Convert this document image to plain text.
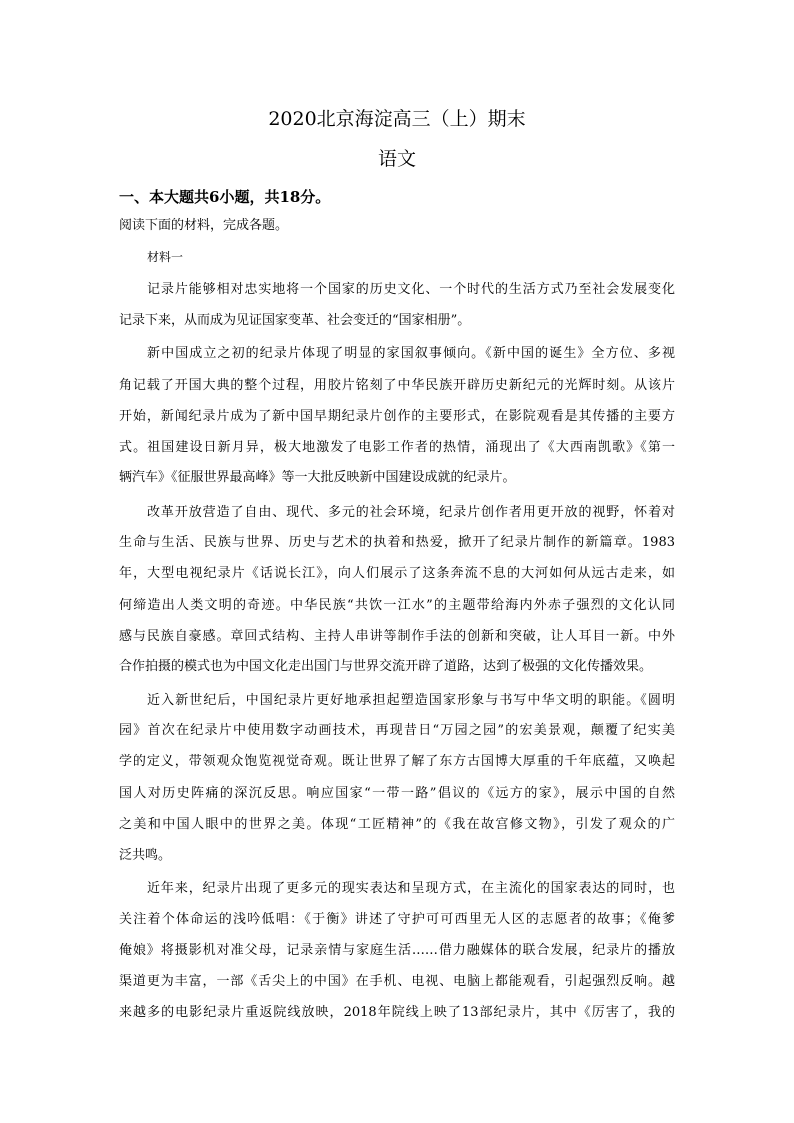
2020北京海淀高三（上）期末
语文
一、本大题共6小题，共18分。
阅读下面的材料，完成各题。
材料一
记录片能够相对忠实地将一个国家的历史文化、一个时代的生活方式乃至社会发展变化
记录下来，从而成为见证国家变革、社会变迁的“国家相册”。
新中国成立之初的纪录片体现了明显的家国叙事倾向。《新中国的诞生》全方位、多视
角记载了开国大典的整个过程，用胶片铭刻了中华民族开辟历史新纪元的光辉时刻。从该片
开始，新闻纪录片成为了新中国早期纪录片创作的主要形式，在影院观看是其传播的主要方
式。祖国建设日新月异，极大地激发了电影工作者的热情，涌现出了《大西南凯歌》《第一
辆汽车》《征服世界最高峰》等一大批反映新中国建设成就的纪录片。
改革开放营造了自由、现代、多元的社会环境，纪录片创作者用更开放的视野，怀着对
生命与生活、民族与世界、历史与艺术的执着和热爱，掀开了纪录片制作的新篇章。1983
年，大型电视纪录片《话说长江》，向人们展示了这条奔流不息的大河如何从远古走来，如
何缔造出人类文明的奇迹。中华民族“共饮一江水”的主题带给海内外赤子强烈的文化认同
感与民族自豪感。章回式结构、主持人串讲等制作手法的创新和突破，让人耳目一新。中外
合作拍摄的模式也为中国文化走出国门与世界交流开辟了道路，达到了极强的文化传播效果。
近入新世纪后，中国纪录片更好地承担起塑造国家形象与书写中华文明的职能。《圆明
园》首次在纪录片中使用数字动画技术，再现昔日“万园之园”的宏美景观，颠覆了纪实美
学的定义，带领观众饱览视觉奇观。既让世界了解了东方古国博大厚重的千年底蕴，又唤起
国人对历史阵痛的深沉反思。响应国家“一带一路”倡议的《远方的家》，展示中国的自然
之美和中国人眼中的世界之美。体现“工匠精神”的《我在故宫修文物》，引发了观众的广
泛共鸣。
近年来，纪录片出现了更多元的现实表达和呈现方式，在主流化的国家表达的同时，也
关注着个体命运的浅吟低唱：《于衡》讲述了守护可可西里无人区的志愿者的故事；《俺爹
俺娘》将摄影机对准父母，记录亲情与家庭生活……借力融媒体的联合发展，纪录片的播放
渠道更为丰富，一部《舌尖上的中国》在手机、电视、电脑上都能观看，引起强烈反响。越
来越多的电影纪录片重返院线放映，2018年院线上映了13部纪录片，其中《厉害了，我的
